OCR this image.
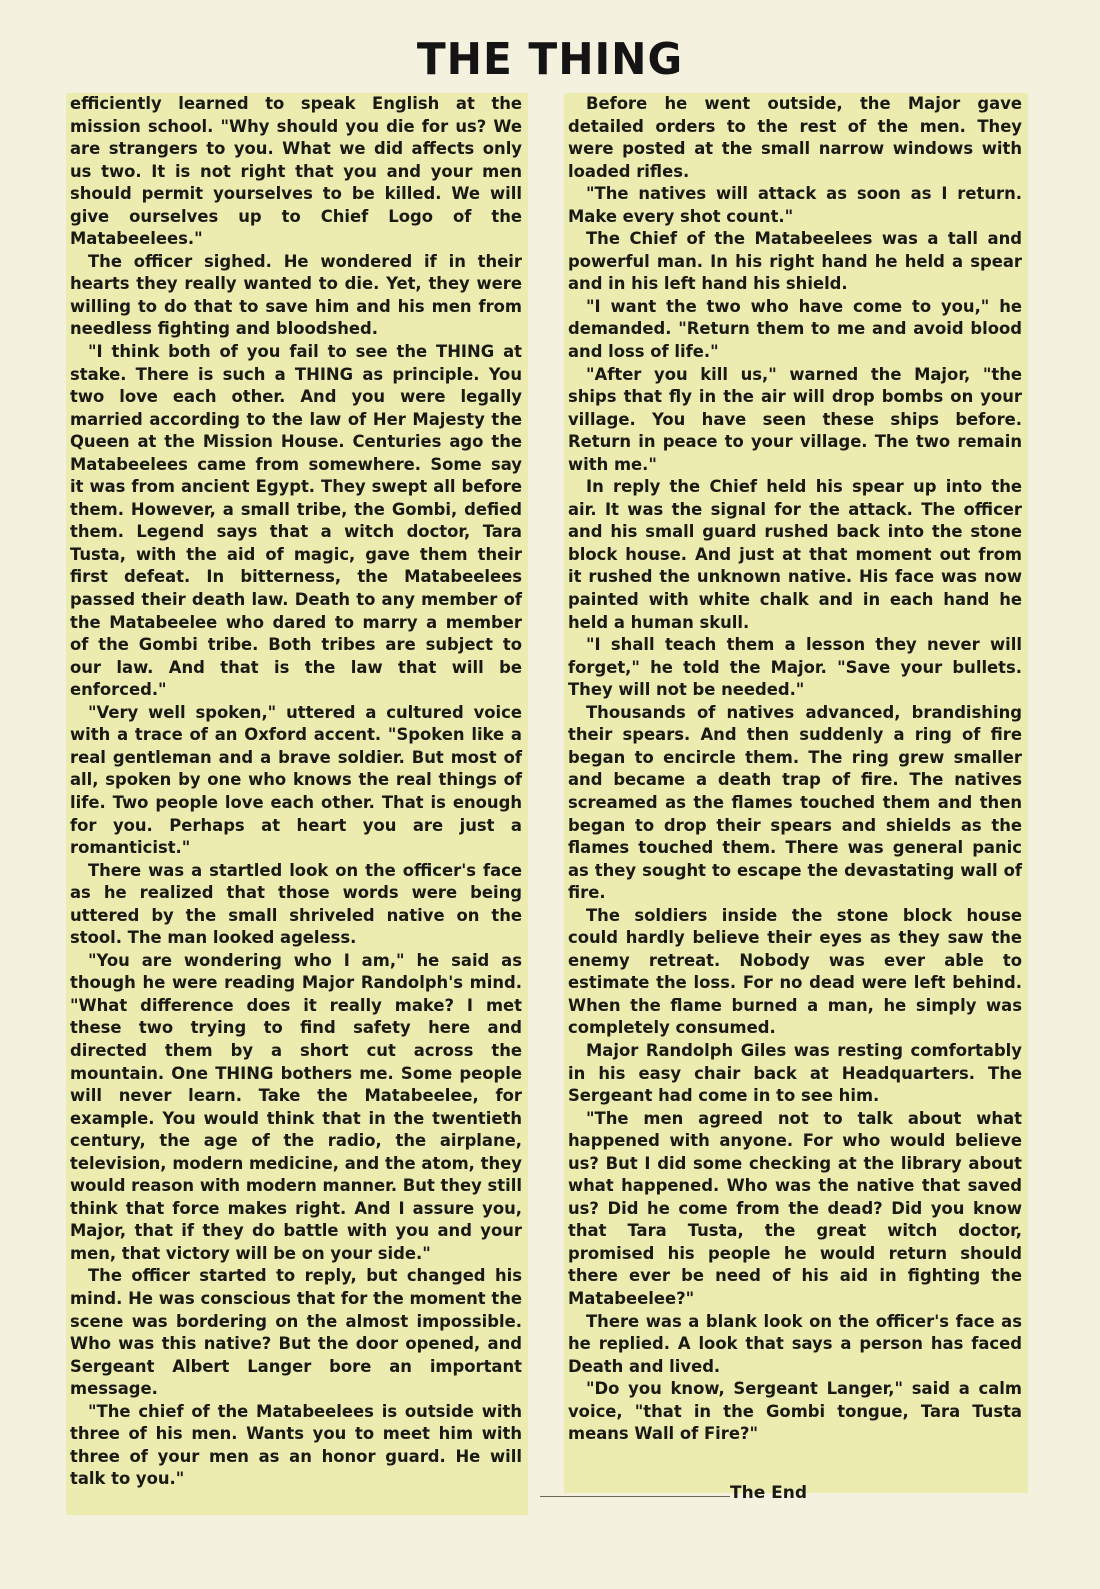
THE THING

efficiently learned to speak English at the mission school. "Why should you die for us? We are strangers to you. What we did affects only us two. It is not right that you and your men should permit yourselves to be killed. We will give ourselves up to Chief Logo of the Matabeelees."

The officer sighed. He wondered if in their hearts they really wanted to die. Yet, they were willing to do that to save him and his men from needless fighting and bloodshed.

"I think both of you fail to see the THING at stake. There is such a THING as principle. You two love each other. And you were legally married according to the law of Her Majesty the Queen at the Mission House. Centuries ago the Matabeelees came from somewhere. Some say it was from ancient Egypt. They swept all before them. However, a small tribe, the Gombi, defied them. Legend says that a witch doctor, Tara Tusta, with the aid of magic, gave them their first defeat. In bitterness, the Matabeelees passed their death law. Death to any member of the Matabeelee who dared to marry a member of the Gombi tribe. Both tribes are subject to our law. And that is the law that will be enforced."

"Very well spoken," uttered a cultured voice with a trace of an Oxford accent. "Spoken like a real gentleman and a brave soldier. But most of all, spoken by one who knows the real things of life. Two people love each other. That is enough for you. Perhaps at heart you are just a romanticist."

There was a startled look on the officer's face as he realized that those words were being uttered by the small shriveled native on the stool. The man looked ageless.

"You are wondering who I am," he said as though he were reading Major Randolph's mind. "What difference does it really make? I met these two trying to find safety here and directed them by a short cut across the mountain. One THING bothers me. Some people will never learn. Take the Matabeelee, for example. You would think that in the twentieth century, the age of the radio, the airplane, television, modern medicine, and the atom, they would reason with modern manner. But they still think that force makes right. And I assure you, Major, that if they do battle with you and your men, that victory will be on your side."

The officer started to reply, but changed his mind. He was conscious that for the moment the scene was bordering on the almost impossible. Who was this native? But the door opened, and Sergeant Albert Langer bore an important message.

"The chief of the Matabeelees is outside with three of his men. Wants you to meet him with three of your men as an honor guard. He will talk to you."

Before he went outside, the Major gave detailed orders to the rest of the men. They were posted at the small narrow windows with loaded rifles.

"The natives will attack as soon as I return. Make every shot count."

The Chief of the Matabeelees was a tall and powerful man. In his right hand he held a spear and in his left hand his shield.

"I want the two who have come to you," he demanded. "Return them to me and avoid blood and loss of life."

"After you kill us," warned the Major, "the ships that fly in the air will drop bombs on your village. You have seen these ships before. Return in peace to your village. The two remain with me."

In reply the Chief held his spear up into the air. It was the signal for the attack. The officer and his small guard rushed back into the stone block house. And just at that moment out from it rushed the unknown native. His face was now painted with white chalk and in each hand he held a human skull.

"I shall teach them a lesson they never will forget," he told the Major. "Save your bullets. They will not be needed."

Thousands of natives advanced, brandishing their spears. And then suddenly a ring of fire began to encircle them. The ring grew smaller and became a death trap of fire. The natives screamed as the flames touched them and then began to drop their spears and shields as the flames touched them. There was general panic as they sought to escape the devastating wall of fire.

The soldiers inside the stone block house could hardly believe their eyes as they saw the enemy retreat. Nobody was ever able to estimate the loss. For no dead were left behind. When the flame burned a man, he simply was completely consumed.

Major Randolph Giles was resting comfortably in his easy chair back at Headquarters. The Sergeant had come in to see him.

"The men agreed not to talk about what happened with anyone. For who would believe us? But I did some checking at the library about what happened. Who was the native that saved us? Did he come from the dead? Did you know that Tara Tusta, the great witch doctor, promised his people he would return should there ever be need of his aid in fighting the Matabeelee?"

There was a blank look on the officer's face as he replied. A look that says a person has faced Death and lived.

"Do you know, Sergeant Langer," said a calm voice, "that in the Gombi tongue, Tara Tusta means Wall of Fire?"

The End
